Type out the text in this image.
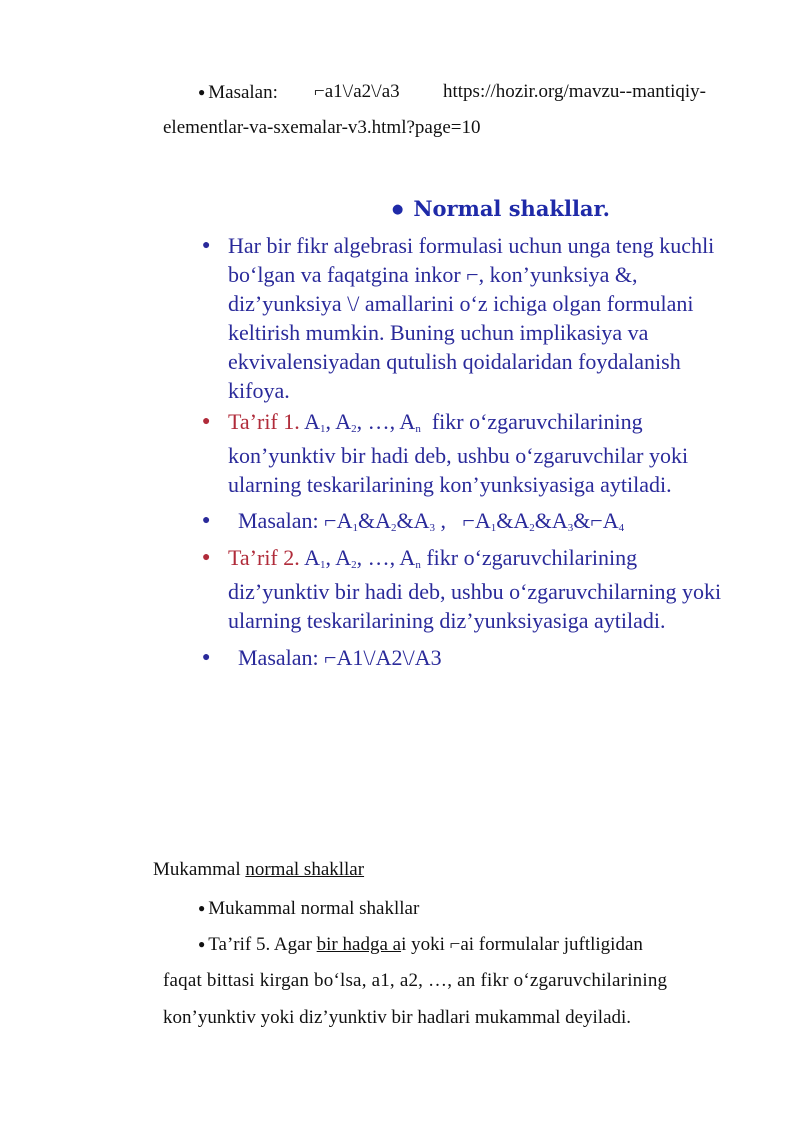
● Masalan: ⌐a1\/a2\/a3 https://hozir.org/mavzu--mantiqiy-
elementlar-va-sxemalar-v3.html?page=10
● Normal shakllar.
● Har bir fikr algebrasi formulasi uchun unga teng kuchli
bo‘lgan va faqatgina inkor ⌐, kon’yunksiya &,
diz’yunksiya \/ amallarini o‘z ichiga olgan formulani
keltirish mumkin. Buning uchun implikasiya va
ekvivalensiyadan qutulish qoidalaridan foydalanish
kifoya.
● Ta’rif 1. $A_1$, $A_2$, …, $A_n$ fikr o‘zgaruvchilarining
kon’yunktiv bir hadi deb, ushbu o‘zgaruvchilar yoki
ularning teskarilarining kon’yunksiyasiga aytiladi.
● Masalan: $⌐A_1\&A_2\&A_3$ ,   $⌐A_1\&A_2\&A_3\&⌐A_4$
● Ta’rif 2. $A_1$, $A_2$, …, $A_n$ fikr o‘zgaruvchilarining
diz’yunktiv bir hadi deb, ushbu o‘zgaruvchilarning yoki
ularning teskarilarining diz’yunksiyasiga aytiladi.
● Masalan: ⌐A1\/A2\/A3
Mukammal normal shakllar
● Mukammal normal shakllar
● Ta’rif 5. Agar bir hadga ai yoki ⌐ai formulalar juftligidan
faqat bittasi kirgan bo‘lsa, a1, a2, …, an fikr o‘zgaruvchilarining
kon’yunktiv yoki diz’yunktiv bir hadlari mukammal deyiladi.
